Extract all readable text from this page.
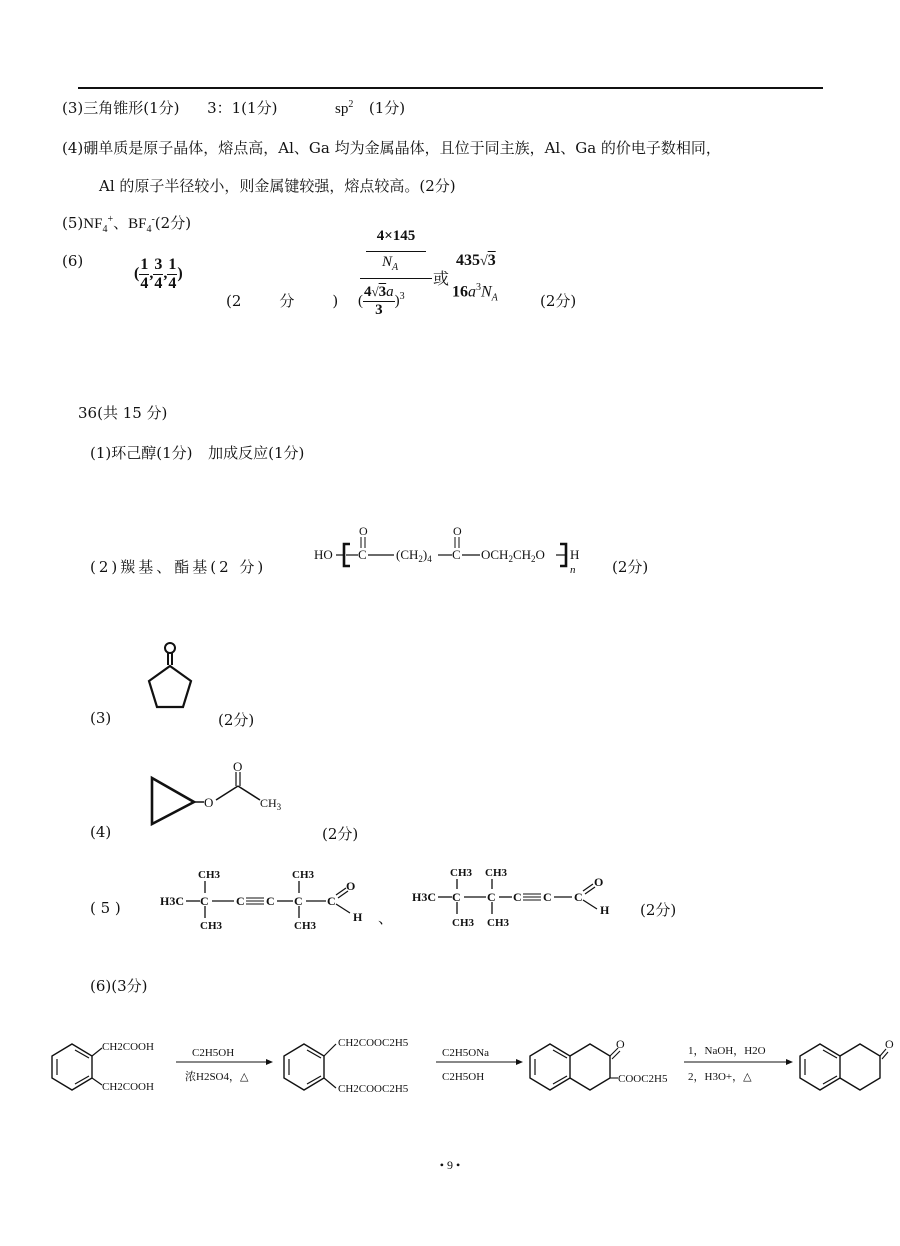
(3)三角锥形(1分) 3：1(1分)	$sp^2$ (1分)
(4)硼单质是原子晶体，熔点高，Al、Ga 均为金属晶体，且位于同主族，Al、Ga 的价电子数相同，
Al 的原子半径较小，则金属键较强，熔点较高。(2分)
$(5)NF_4^+$、$BF_4^-(2$分)
(6)
( $\frac{1}{4}$ , $\frac{3}{4}$ , $\frac{1}{4}$ )
(2	分	)
4×145
$N_A$
( $\frac{4√3a}{3} )^3$
或
435√3
$16a^3N_A$	(2分)
36(共 15 分)
(1)环己醇(1分) 加成反应(1分)
(2)羰基、酯基(2 分)
HO C
O
$(CH_2)_4$ C
O
$OCH_2CH_2O$ H
n (2分)
(3)	(2分)
(4)
O
O
$CH_3$
(2分)
( 5 )	H3C C
CH3
CH3
C C C
CH3
CH3
C
O
H 、
H3C C
CH3
CH3
C
CH3
CH3
C C C
O
H (2分)
(6)(3分)
CH2COOH
CH2COOH
C2H5OH
浓H2SO4，△
CH2COOC2H5
CH2COOC2H5
C2H5ONa
C2H5OH
O
COOC2H5
1，NaOH，H2O
2，H3O+，△
O
• 9 •
